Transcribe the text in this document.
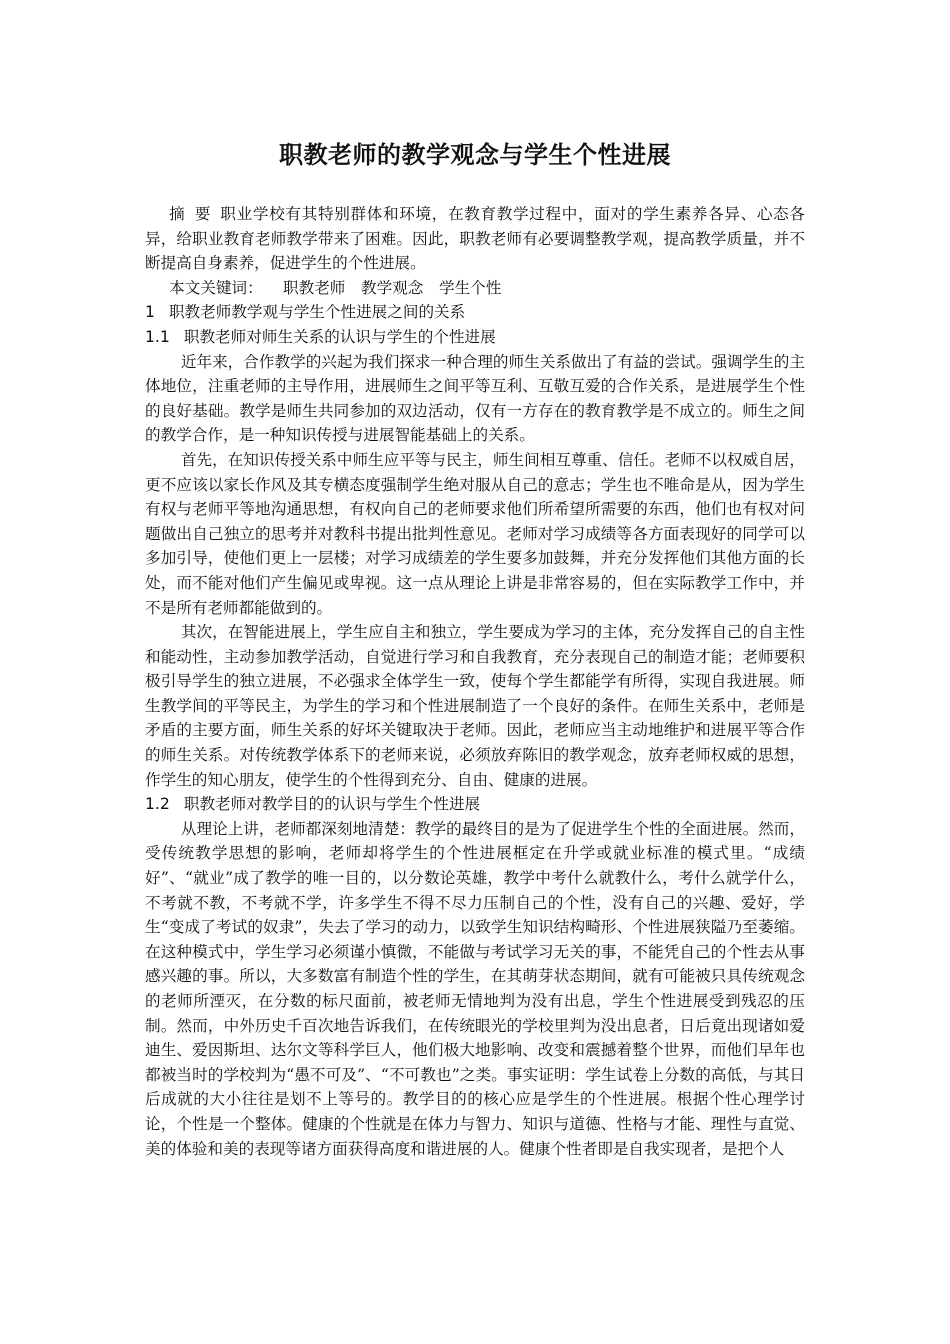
职教老师的教学观念与学生个性进展

摘要职业学校有其特别群体和环境，在教育教学过程中，面对的学生素养各异、心态各异，给职业教育老师教学带来了困难。因此，职教老师有必要调整教学观，提高教学质量，并不断提高自身素养，促进学生的个性进展。

本文关键词： 职教老师 教学观念 学生个性

1 职教老师教学观与学生个性进展之间的关系

1.1 职教老师对师生关系的认识与学生的个性进展

近年来，合作教学的兴起为我们探求一种合理的师生关系做出了有益的尝试。强调学生的主体地位，注重老师的主导作用，进展师生之间平等互利、互敬互爱的合作关系，是进展学生个性的良好基础。教学是师生共同参加的双边活动，仅有一方存在的教育教学是不成立的。师生之间的教学合作，是一种知识传授与进展智能基础上的关系。

首先，在知识传授关系中师生应平等与民主，师生间相互尊重、信任。老师不以权威自居，更不应该以家长作风及其专横态度强制学生绝对服从自己的意志；学生也不唯命是从，因为学生有权与老师平等地沟通思想，有权向自己的老师要求他们所希望所需要的东西，他们也有权对问题做出自己独立的思考并对教科书提出批判性意见。老师对学习成绩等各方面表现好的同学可以多加引导，使他们更上一层楼；对学习成绩差的学生要多加鼓舞，并充分发挥他们其他方面的长处，而不能对他们产生偏见或卑视。这一点从理论上讲是非常容易的，但在实际教学工作中，并不是所有老师都能做到的。

其次，在智能进展上，学生应自主和独立，学生要成为学习的主体，充分发挥自己的自主性和能动性，主动参加教学活动，自觉进行学习和自我教育，充分表现自己的制造才能；老师要积极引导学生的独立进展，不必强求全体学生一致，使每个学生都能学有所得，实现自我进展。师生教学间的平等民主，为学生的学习和个性进展制造了一个良好的条件。在师生关系中，老师是矛盾的主要方面，师生关系的好坏关键取决于老师。因此，老师应当主动地维护和进展平等合作的师生关系。对传统教学体系下的老师来说，必须放弃陈旧的教学观念，放弃老师权威的思想，作学生的知心朋友，使学生的个性得到充分、自由、健康的进展。

1.2 职教老师对教学目的的认识与学生个性进展

从理论上讲，老师都深刻地清楚：教学的最终目的是为了促进学生个性的全面进展。然而，受传统教学思想的影响，老师却将学生的个性进展框定在升学或就业标准的模式里。“成绩好”、“就业”成了教学的唯一目的，以分数论英雄，教学中考什么就教什么，考什么就学什么，不考就不教，不考就不学，许多学生不得不尽力压制自己的个性，没有自己的兴趣、爱好，学生“变成了考试的奴隶”，失去了学习的动力，以致学生知识结构畸形、个性进展狭隘乃至萎缩。在这种模式中，学生学习必须谨小慎微，不能做与考试学习无关的事，不能凭自己的个性去从事感兴趣的事。所以，大多数富有制造个性的学生，在其萌芽状态期间，就有可能被只具传统观念的老师所湮灭，在分数的标尺面前，被老师无情地判为没有出息，学生个性进展受到残忍的压制。然而，中外历史千百次地告诉我们，在传统眼光的学校里判为没出息者，日后竟出现诸如爱迪生、爱因斯坦、达尔文等科学巨人，他们极大地影响、改变和震撼着整个世界，而他们早年也都被当时的学校判为“愚不可及”、“不可教也”之类。事实证明：学生试卷上分数的高低，与其日后成就的大小往往是划不上等号的。教学目的的核心应是学生的个性进展。根据个性心理学讨论，个性是一个整体。健康的个性就是在体力与智力、知识与道德、性格与才能、理性与直觉、美的体验和美的表现等诸方面获得高度和谐进展的人。健康个性者即是自我实现者，是把个人
